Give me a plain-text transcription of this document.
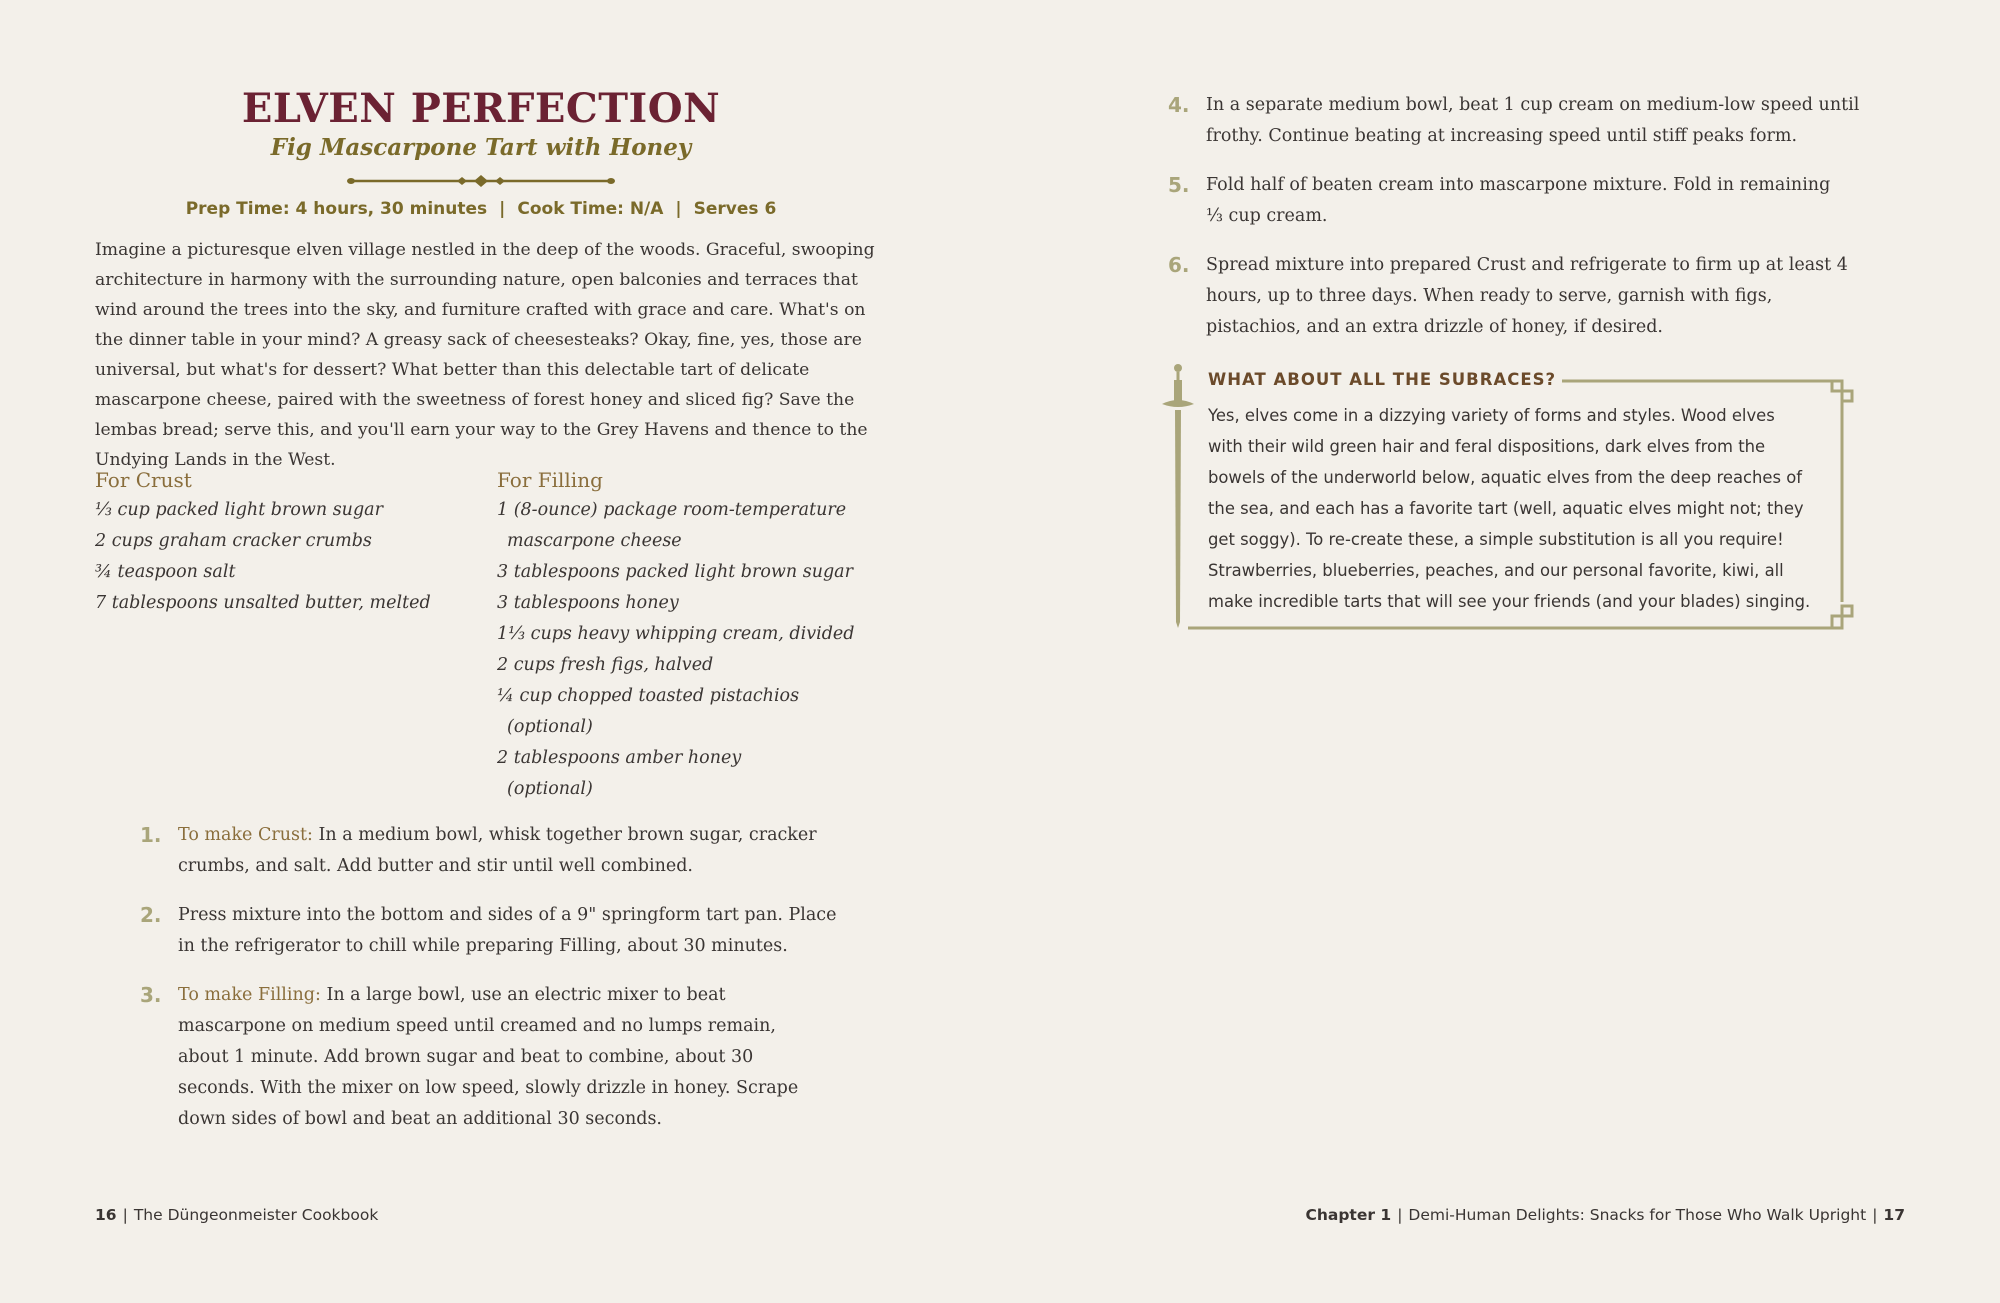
ELVEN PERFECTION
Fig Mascarpone Tart with Honey
Prep Time: 4 hours, 30 minutes | Cook Time: N/A | Serves 6

Imagine a picturesque elven village nestled in the deep of the woods. Graceful, swooping architecture in harmony with the surrounding nature, open balconies and terraces that wind around the trees into the sky, and furniture crafted with grace and care. What's on the dinner table in your mind? A greasy sack of cheesesteaks? Okay, fine, yes, those are universal, but what's for dessert? What better than this delectable tart of delicate mascarpone cheese, paired with the sweetness of forest honey and sliced fig? Save the lembas bread; serve this, and you'll earn your way to the Grey Havens and thence to the Undying Lands in the West.

For Crust
⅓ cup packed light brown sugar
2 cups graham cracker crumbs
¾ teaspoon salt
7 tablespoons unsalted butter, melted
For Filling
1 (8-ounce) package room-temperature mascarpone cheese
3 tablespoons packed light brown sugar
3 tablespoons honey
1⅓ cups heavy whipping cream, divided
2 cups fresh figs, halved
¼ cup chopped toasted pistachios (optional)
2 tablespoons amber honey (optional)
1. To make Crust: In a medium bowl, whisk together brown sugar, cracker crumbs, and salt. Add butter and stir until well combined.
2. Press mixture into the bottom and sides of a 9" springform tart pan. Place in the refrigerator to chill while preparing Filling, about 30 minutes.
3. To make Filling: In a large bowl, use an electric mixer to beat mascarpone on medium speed until creamed and no lumps remain, about 1 minute. Add brown sugar and beat to combine, about 30 seconds. With the mixer on low speed, slowly drizzle in honey. Scrape down sides of bowl and beat an additional 30 seconds.
16 | The Düngeonmeister Cookbook	Chapter 1 | Demi-Human Delights: Snacks for Those Who Walk Upright | 17
4. In a separate medium bowl, beat 1 cup cream on medium-low speed until frothy. Continue beating at increasing speed until stiff peaks form.
5. Fold half of beaten cream into mascarpone mixture. Fold in remaining ⅓ cup cream.
6. Spread mixture into prepared Crust and refrigerate to firm up at least 4 hours, up to three days. When ready to serve, garnish with figs, pistachios, and an extra drizzle of honey, if desired.
WHAT ABOUT ALL THE SUBRACES?

Yes, elves come in a dizzying variety of forms and styles. Wood elves with their wild green hair and feral dispositions, dark elves from the bowels of the underworld below, aquatic elves from the deep reaches of the sea, and each has a favorite tart (well, aquatic elves might not; they get soggy). To re-create these, a simple substitution is all you require! Strawberries, blueberries, peaches, and our personal favorite, kiwi, all make incredible tarts that will see your friends (and your blades) singing.
